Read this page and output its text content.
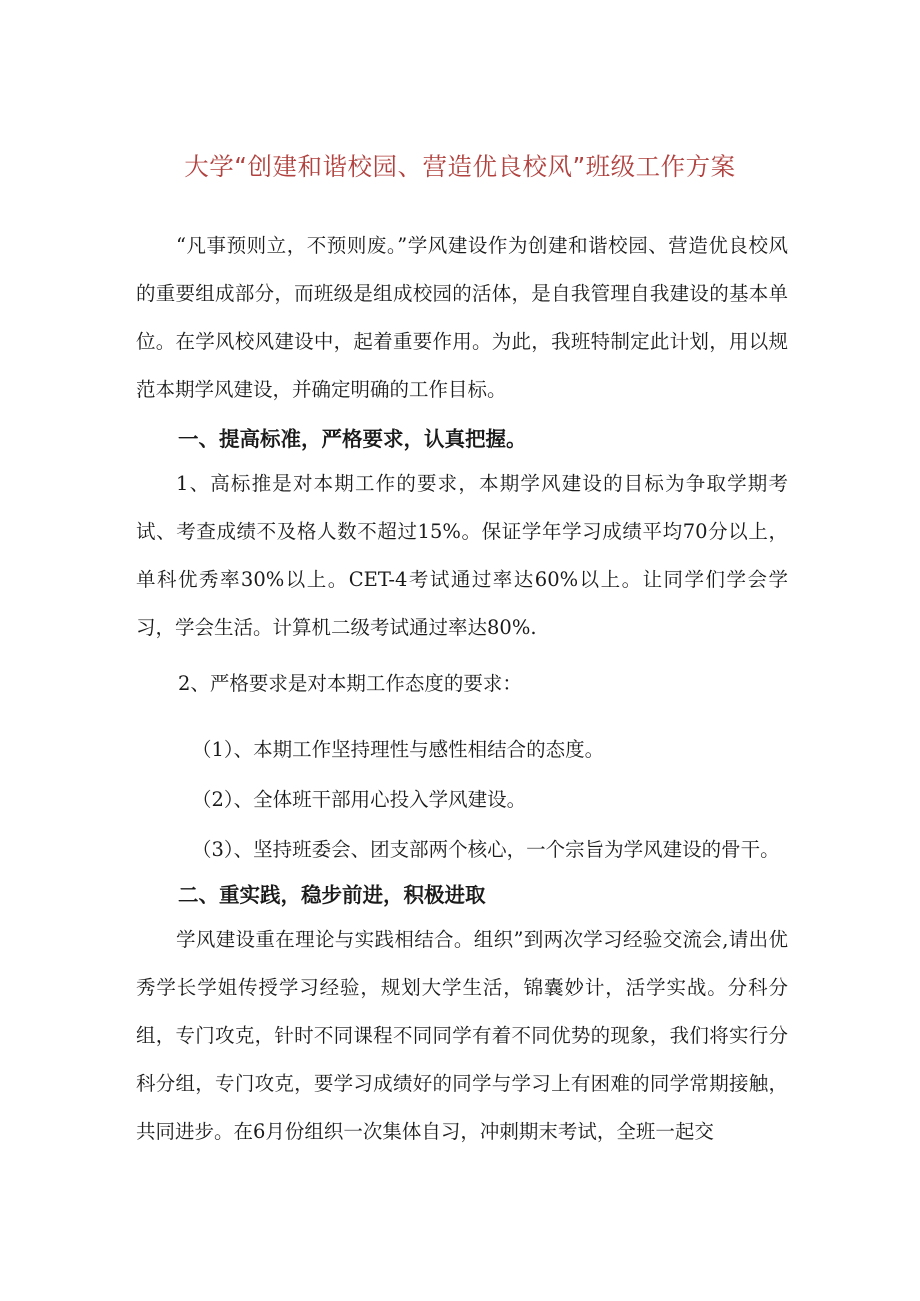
大学“创建和谐校园、营造优良校风”班级工作方案

“凡事预则立，不预则废。”学风建设作为创建和谐校园、营造优良校风的重要组成部分，而班级是组成校园的活体，是自我管理自我建设的基本单位。在学风校风建设中，起着重要作用。为此，我班特制定此计划，用以规范本期学风建设，并确定明确的工作目标。

一、提高标准，严格要求，认真把握。

1、高标推是对本期工作的要求，本期学风建设的目标为争取学期考试、考查成绩不及格人数不超过15%。保证学年学习成绩平均70分以上，单科优秀率30%以上。CET-4考试通过率达60%以上。让同学们学会学习，学会生活。计算机二级考试通过率达80%.

2、严格要求是对本期工作态度的要求：
（1）、本期工作坚持理性与感性相结合的态度。
（2）、全体班干部用心投入学风建设。
（3）、坚持班委会、团支部两个核心，一个宗旨为学风建设的骨干。
二、重实践，稳步前进，积极进取

学风建设重在理论与实践相结合。组织”到两次学习经验交流会,请出优秀学长学姐传授学习经验，规划大学生活，锦囊妙计，活学实战。分科分组，专门攻克，针时不同课程不同同学有着不同优势的现象，我们将实行分科分组，专门攻克，要学习成绩好的同学与学习上有困难的同学常期接触，共同进步。在6月份组织一次集体自习，冲刺期末考试，全班一起交
